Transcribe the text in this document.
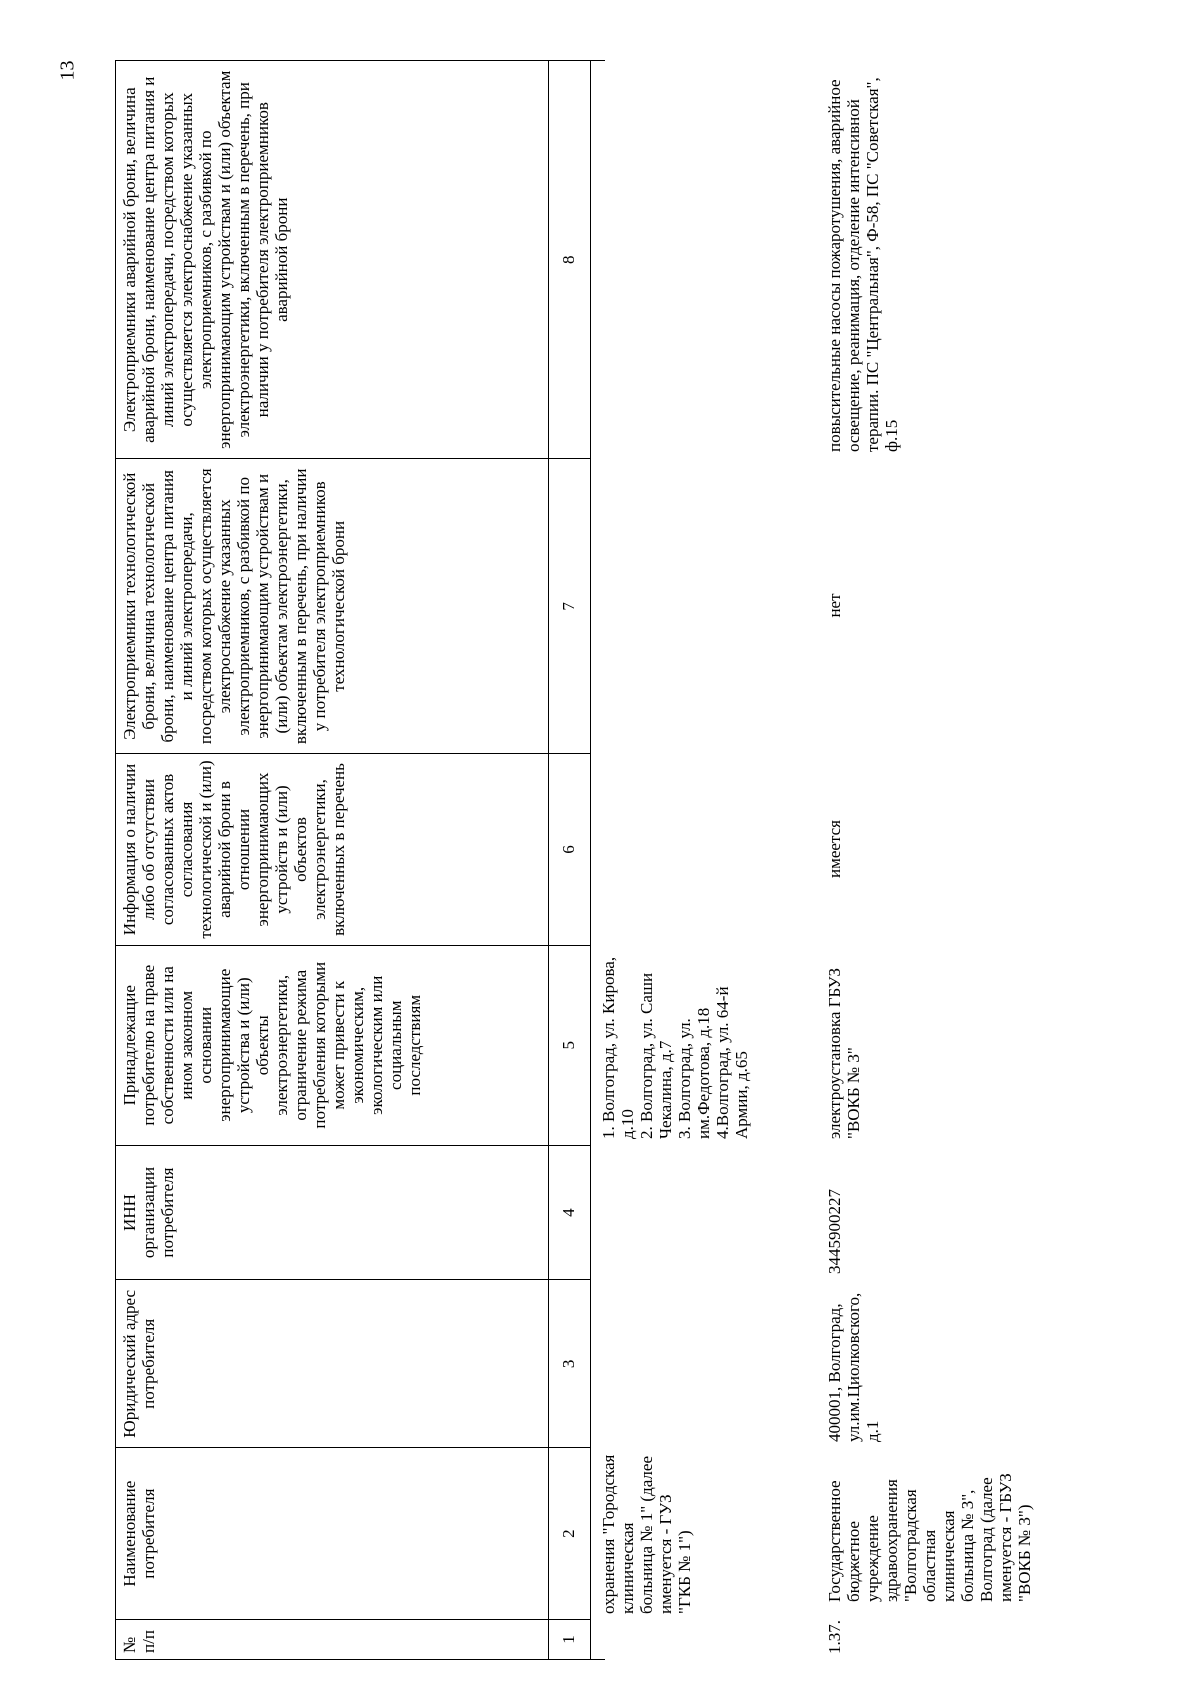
13
№ п/п
Наименование потребителя
Юридический адрес потребителя
ИНН организации потребителя
Принадлежащие потребителю на праве собственности или на ином законном основании энергопринимающие устройства и (или) объекты электроэнергетики, ограничение режима потребления которыми может привести к экономическим, экологическим или социальным последствиям
Информация о наличии либо об отсутствии согласованных актов согласования технологической и (или) аварийной брони в отношении энергопринимающих устройств и (или) объектов электроэнергетики, включенных в перечень
Электроприемники технологической брони, величина технологической брони, наименование центра питания и линий электропередачи, посредством которых осуществляется электроснабжение указанных электроприемников, с разбивкой по энергопринимающим устройствам и (или) объектам электроэнергетики, включенным в перечень, при наличии у потребителя электроприемников технологической брони
Электроприемники аварийной брони, величина аварийной брони, наименование центра питания и линий электропередачи, посредством которых осуществляется электроснабжение указанных электроприемников, с разбивкой по энергопринимающим устройствам и (или) объектам электроэнергетики, включенным в перечень, при наличии у потребителя электроприемников аварийной брони
1
2
3
4
5
6
7
8
охранения "Городская клиническая больница № 1" (далее именуется - ГУЗ "ГКБ № 1")
1. Волгоград, ул. Кирова, д.10 2. Волгоград, ул. Саши Чекалина, д.7 3. Волгоград, ул. им.Федотова, д.18 4.Волгоград, ул. 64-й Армии, д.65
1.37.
Государственное бюджетное учреждение здравоохранения "Волгоградская областная клиническая больница № 3", Волгоград (далее именуется - ГБУЗ "ВОКБ № 3")
400001, Волгоград, ул.им.Циолковского, д.1
3445900227
электроустановка ГБУЗ "ВОКБ № 3"
имеется
нет
повысительные насосы пожаротушения, аварийное освещение, реанимация, отделение интенсивной терапии. ПС "Центральная", Ф-58, ПС "Советская", ф.15
